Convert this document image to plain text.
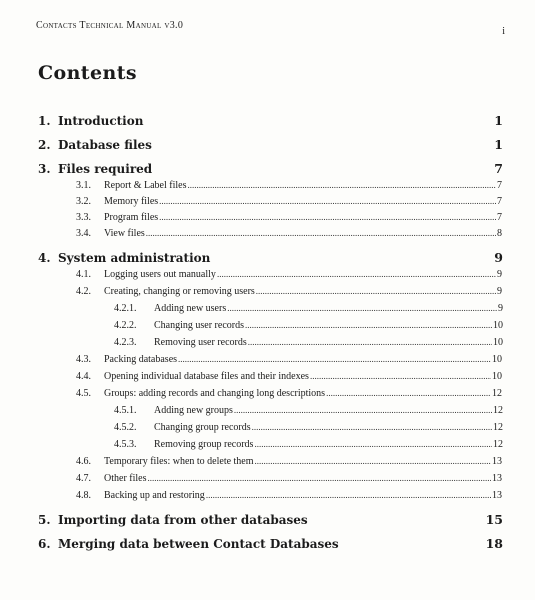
Contacts Technical Manual v3.0
i
Contents
1. Introduction	1
2. Database files	1
3. Files required	7
3.1.	Report & Label files .....	7
3.2.	Memory files .....	7
3.3.	Program files .....	7
3.4.	View files .....	8
4. System administration	9
4.1.	Logging users out manually .....	9
4.2.	Creating, changing or removing users .....	9
4.2.1.	Adding new users .....	9
4.2.2.	Changing user records .....	10
4.2.3.	Removing user records .....	10
4.3.	Packing databases .....	10
4.4.	Opening individual database files and their indexes .....	10
4.5.	Groups: adding records and changing long descriptions .....	12
4.5.1.	Adding new groups .....	12
4.5.2.	Changing group records .....	12
4.5.3.	Removing group records .....	12
4.6.	Temporary files: when to delete them .....	13
4.7.	Other files .....	13
4.8.	Backing up and restoring .....	13
5. Importing data from other databases	15
6. Merging data between Contact Databases	18
